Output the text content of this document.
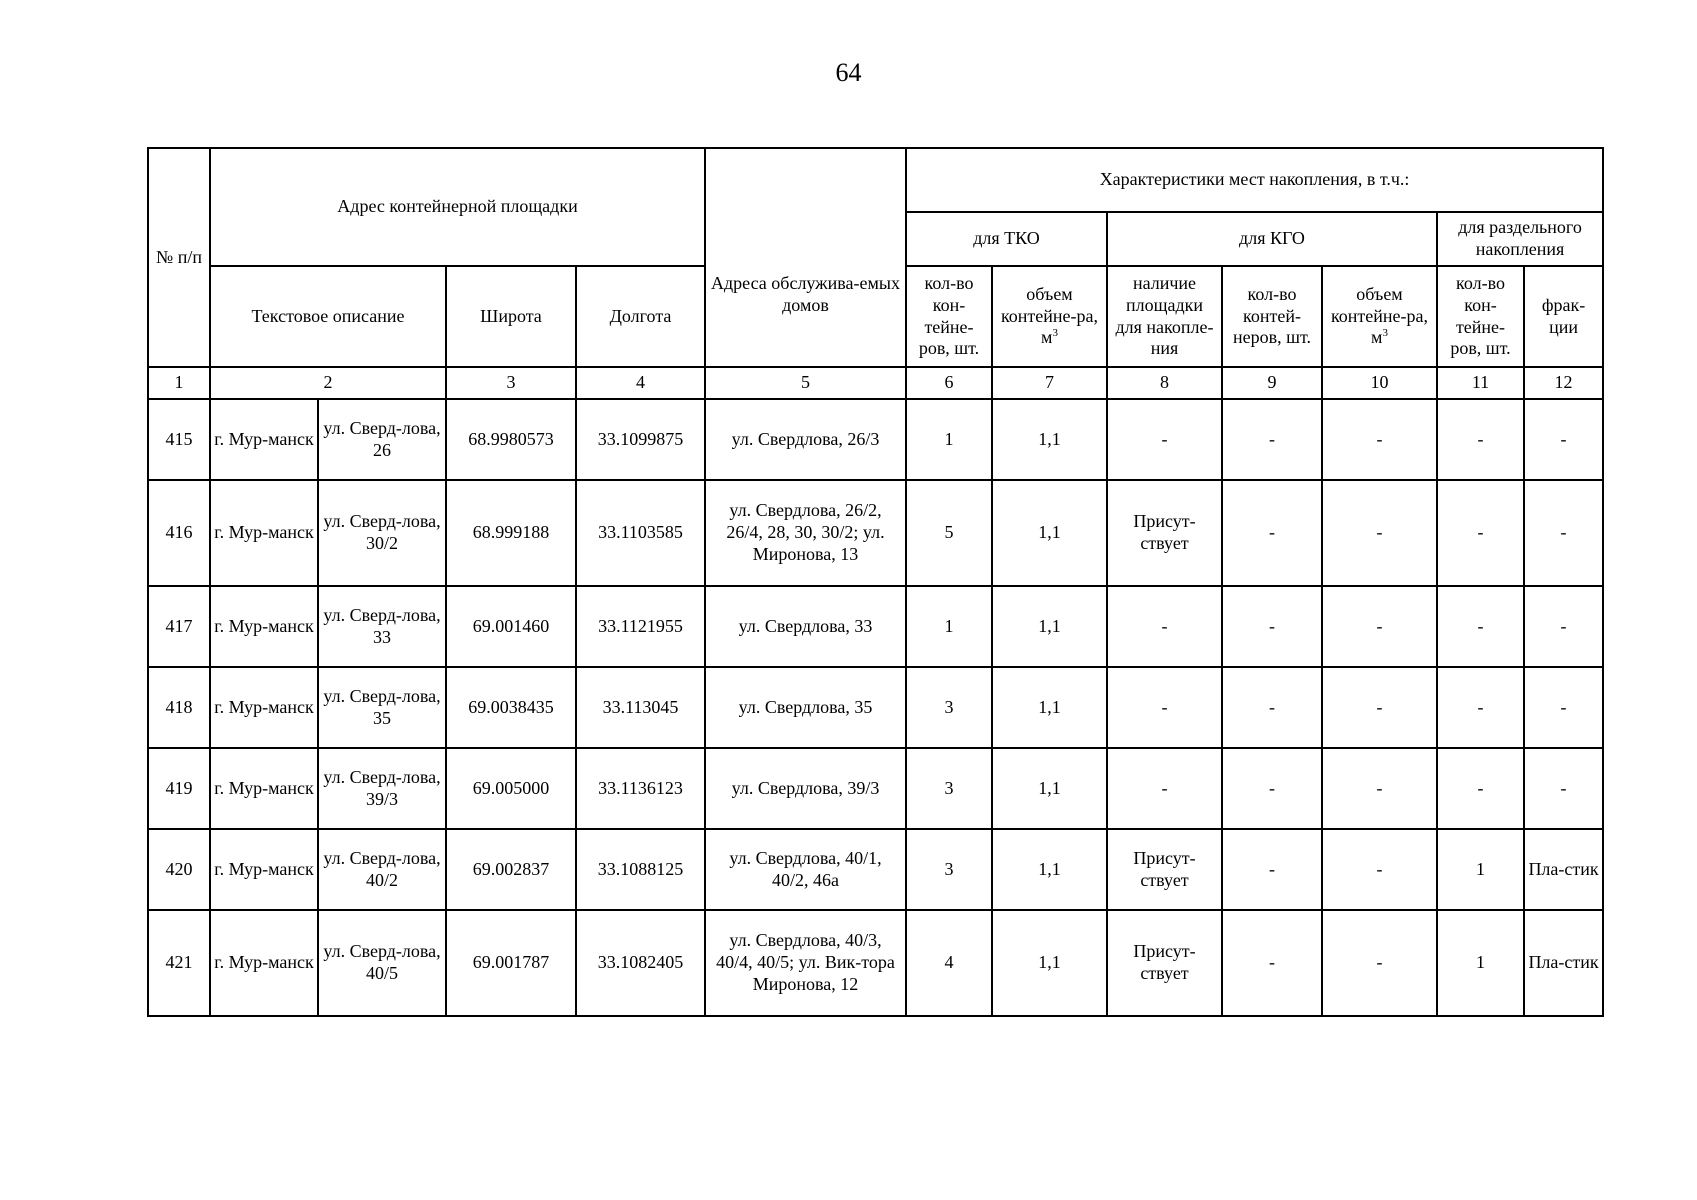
64
№ п/п	Адрес контейнерной площадки				Адреса обслужива-емых домов	Характеристики мест накопления, в т.ч.:						
						для ТКО		для КГО			для раздельного накопления	
						кол-во кон-тейне-ров, шт.	объем контейне-ра, $м^3$	наличие площадки для накопле-ния	кол-во контей-неров, шт.	объем контейне-ра, $м^3$	кол-во кон-тейне-ров, шт.	фрак-ции
	Текстовое описание		Широта	Долгота								
1	2		3	4	5	6	7	8	9	10	11	12
415	г. Мур-манск	ул. Сверд-лова, 26	68.9980573	33.1099875	ул. Свердлова, 26/3	1	1,1	-	-	-	-	-
416	г. Мур-манск	ул. Сверд-лова, 30/2	68.999188	33.1103585	ул. Свердлова, 26/2, 26/4, 28, 30, 30/2; ул. Миронова, 13	5	1,1	Присут-ствует	-	-	-	-
417	г. Мур-манск	ул. Сверд-лова, 33	69.001460	33.1121955	ул. Свердлова, 33	1	1,1	-	-	-	-	-
418	г. Мур-манск	ул. Сверд-лова, 35	69.0038435	33.113045	ул. Свердлова, 35	3	1,1	-	-	-	-	-
419	г. Мур-манск	ул. Сверд-лова, 39/3	69.005000	33.1136123	ул. Свердлова, 39/3	3	1,1	-	-	-	-	-
420	г. Мур-манск	ул. Сверд-лова, 40/2	69.002837	33.1088125	ул. Свердлова, 40/1, 40/2, 46а	3	1,1	Присут-ствует	-	-	1	Пла-стик
421	г. Мур-манск	ул. Сверд-лова, 40/5	69.001787	33.1082405	ул. Свердлова, 40/3, 40/4, 40/5; ул. Вик-тора Миронова, 12	4	1,1	Присут-ствует	-	-	1	Пла-стик
